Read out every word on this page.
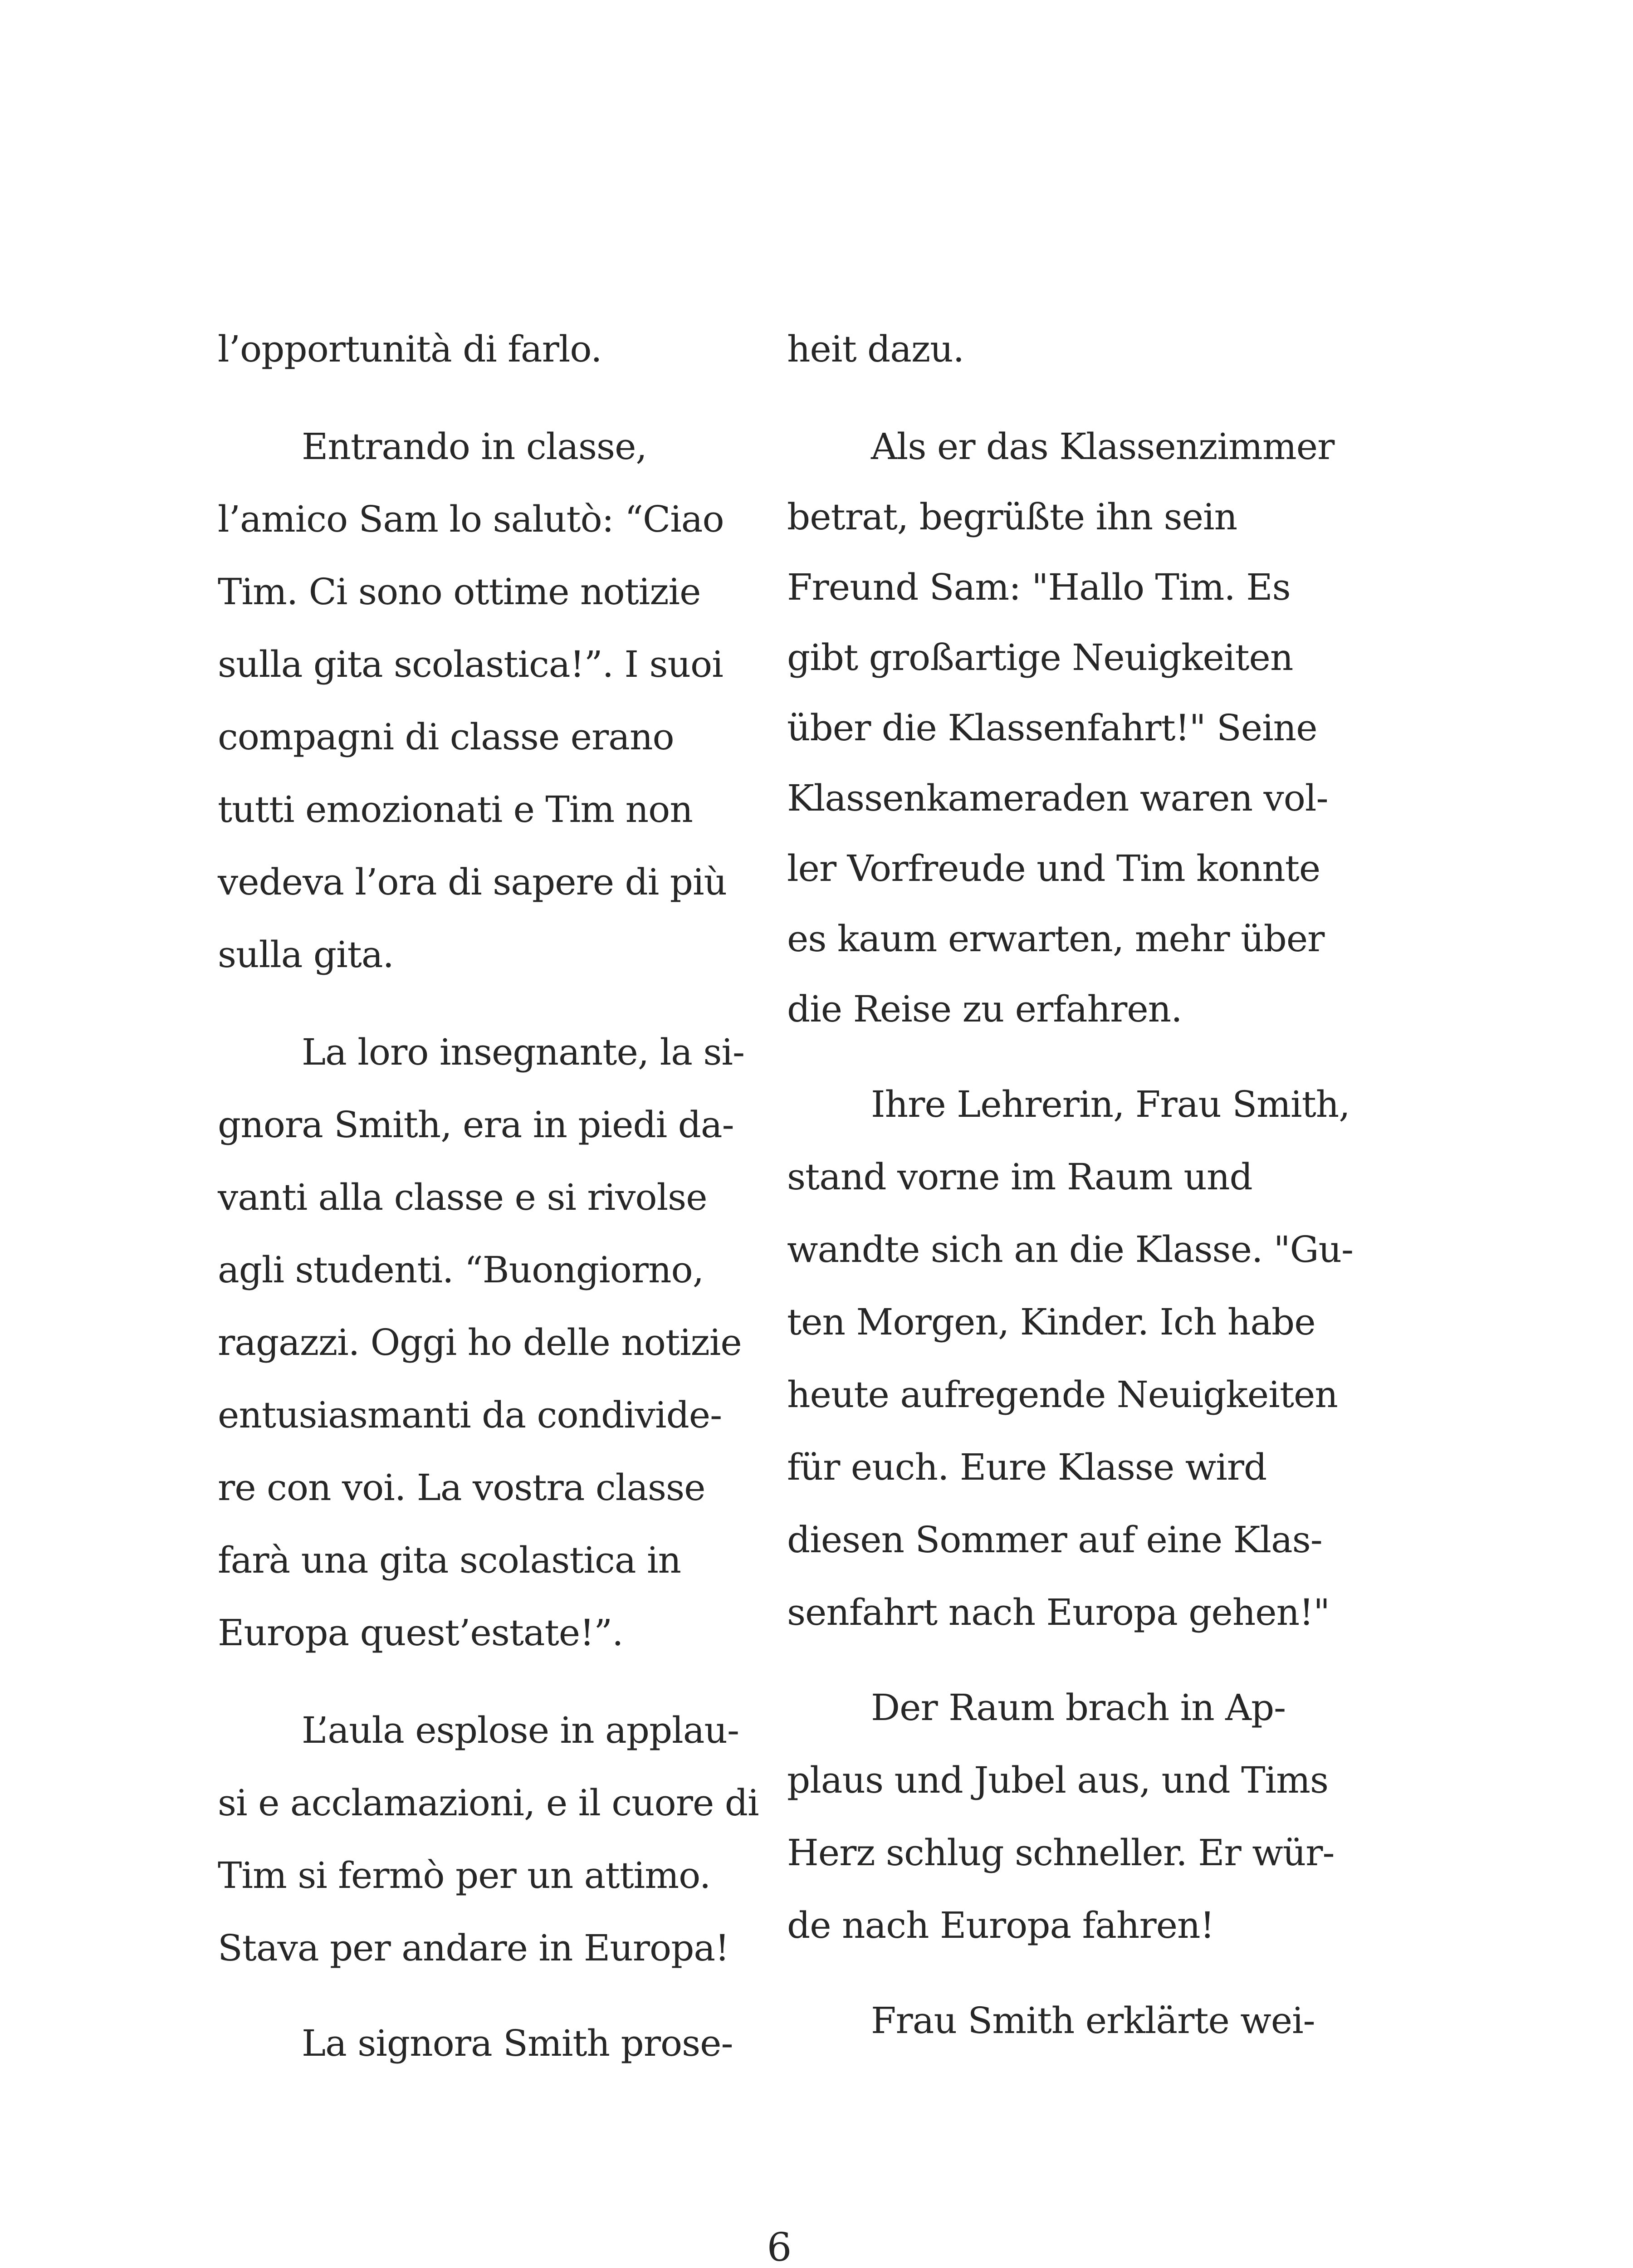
l’opportunità di farlo.
Entrando in classe,
l’amico Sam lo salutò: “Ciao
Tim. Ci sono ottime notizie
sulla gita scolastica!”. I suoi
compagni di classe erano
tutti emozionati e Tim non
vedeva l’ora di sapere di più
sulla gita.
La loro insegnante, la si-
gnora Smith, era in piedi da-
vanti alla classe e si rivolse
agli studenti. “Buongiorno,
ragazzi. Oggi ho delle notizie
entusiasmanti da condivide-
re con voi. La vostra classe
farà una gita scolastica in
Europa quest’estate!”.
L’aula esplose in applau-
si e acclamazioni, e il cuore di
Tim si fermò per un attimo.
Stava per andare in Europa!
La signora Smith prose-
heit dazu.
Als er das Klassenzimmer
betrat, begrüßte ihn sein
Freund Sam: "Hallo Tim. Es
gibt großartige Neuigkeiten
über die Klassenfahrt!" Seine
Klassenkameraden waren vol-
ler Vorfreude und Tim konnte
es kaum erwarten, mehr über
die Reise zu erfahren.
Ihre Lehrerin, Frau Smith,
stand vorne im Raum und
wandte sich an die Klasse. "Gu-
ten Morgen, Kinder. Ich habe
heute aufregende Neuigkeiten
für euch. Eure Klasse wird
diesen Sommer auf eine Klas-
senfahrt nach Europa gehen!"
Der Raum brach in Ap-
plaus und Jubel aus, und Tims
Herz schlug schneller. Er wür-
de nach Europa fahren!
Frau Smith erklärte wei-
6
